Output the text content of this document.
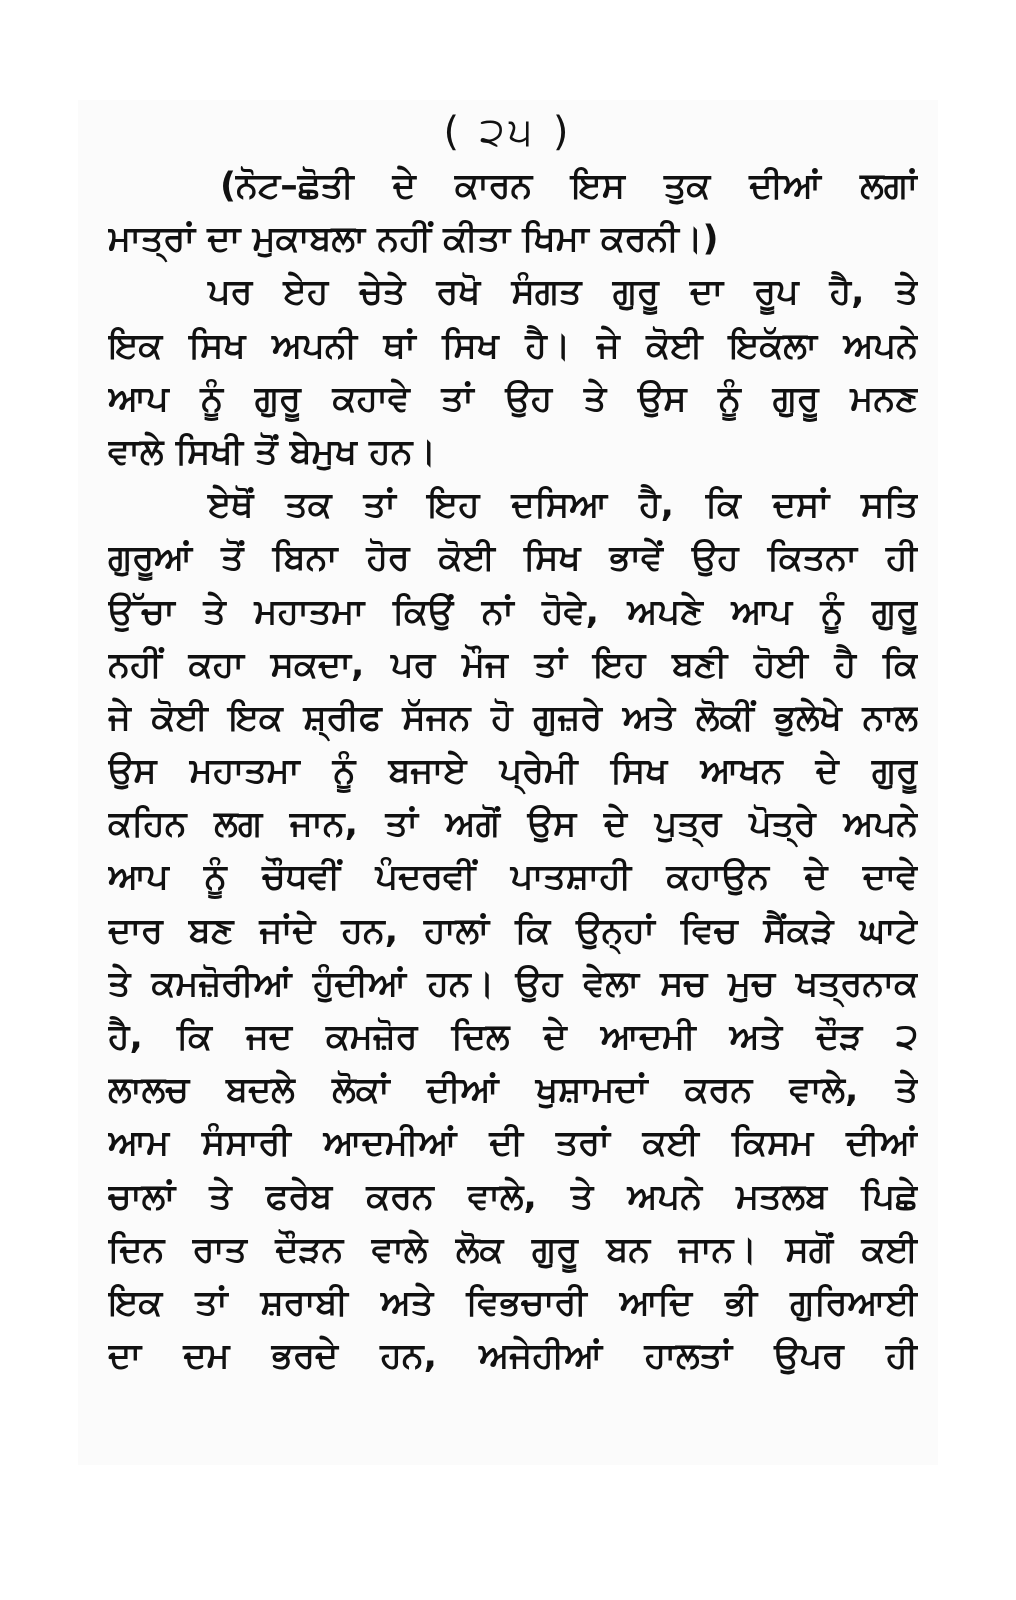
( ੨੫ )
(ਨੋਟ–ਛੋਤੀ ਦੇ ਕਾਰਨ ਇਸ ਤੁਕ ਦੀਆਂ ਲਗਾਂ
ਮਾਤ੍ਰਾਂ ਦਾ ਮੁਕਾਬਲਾ ਨਹੀਂ ਕੀਤਾ ਖਿਮਾ ਕਰਨੀ।)
ਪਰ ਏਹ ਚੇਤੇ ਰਖੋ ਸੰਗਤ ਗੁਰੂ ਦਾ ਰੂਪ ਹੈ, ਤੇ
ਇਕ ਸਿਖ ਅਪਨੀ ਥਾਂ ਸਿਖ ਹੈ। ਜੇ ਕੋਈ ਇਕੱਲਾ ਅਪਨੇ
ਆਪ ਨੂੰ ਗੁਰੂ ਕਹਾਵੇ ਤਾਂ ਉਹ ਤੇ ਉਸ ਨੂੰ ਗੁਰੂ ਮਨਣ
ਵਾਲੇ ਸਿਖੀ ਤੋਂ ਬੇਮੁਖ ਹਨ।
ਏਥੋਂ ਤਕ ਤਾਂ ਇਹ ਦਸਿਆ ਹੈ, ਕਿ ਦਸਾਂ ਸਤਿ
ਗੁਰੂਆਂ ਤੋਂ ਬਿਨਾ ਹੋਰ ਕੋਈ ਸਿਖ ਭਾਵੇਂ ਉਹ ਕਿਤਨਾ ਹੀ
ਉੱਚਾ ਤੇ ਮਹਾਤਮਾ ਕਿਉਂ ਨਾਂ ਹੋਵੇ, ਅਪਣੇ ਆਪ ਨੂੰ ਗੁਰੂ
ਨਹੀਂ ਕਹਾ ਸਕਦਾ, ਪਰ ਮੌਜ ਤਾਂ ਇਹ ਬਣੀ ਹੋਈ ਹੈ ਕਿ
ਜੇ ਕੋਈ ਇਕ ਸ਼੍ਰੀਫ ਸੱਜਨ ਹੋ ਗੁਜ਼ਰੇ ਅਤੇ ਲੋਕੀਂ ਭੁਲੇਖੇ ਨਾਲ
ਉਸ ਮਹਾਤਮਾ ਨੂੰ ਬਜਾਏ ਪ੍ਰੇਮੀ ਸਿਖ ਆਖਨ ਦੇ ਗੁਰੂ
ਕਹਿਨ ਲਗ ਜਾਨ, ਤਾਂ ਅਗੋਂ ਉਸ ਦੇ ਪੁਤ੍ਰ ਪੋਤ੍ਰੇ ਅਪਨੇ
ਆਪ ਨੂੰ ਚੌਧਵੀਂ ਪੰਦਰਵੀਂ ਪਾਤਸ਼ਾਹੀ ਕਹਾਉਨ ਦੇ ਦਾਵੇ
ਦਾਰ ਬਣ ਜਾਂਦੇ ਹਨ, ਹਾਲਾਂ ਕਿ ਉਨ੍ਹਾਂ ਵਿਚ ਸੈਂਕੜੇ ਘਾਟੇ
ਤੇ ਕਮਜ਼ੋਰੀਆਂ ਹੁੰਦੀਆਂ ਹਨ। ਉਹ ਵੇਲਾ ਸਚ ਮੁਚ ਖਤ੍ਰਨਾਕ
ਹੈ, ਕਿ ਜਦ ਕਮਜ਼ੋਰ ਦਿਲ ਦੇ ਆਦਮੀ ਅਤੇ ਦੌੜ ੨
ਲਾਲਚ ਬਦਲੇ ਲੋਕਾਂ ਦੀਆਂ ਖੁਸ਼ਾਮਦਾਂ ਕਰਨ ਵਾਲੇ, ਤੇ
ਆਮ ਸੰਸਾਰੀ ਆਦਮੀਆਂ ਦੀ ਤਰਾਂ ਕਈ ਕਿਸਮ ਦੀਆਂ
ਚਾਲਾਂ ਤੇ ਫਰੇਬ ਕਰਨ ਵਾਲੇ, ਤੇ ਅਪਨੇ ਮਤਲਬ ਪਿਛੇ
ਦਿਨ ਰਾਤ ਦੌੜਨ ਵਾਲੇ ਲੋਕ ਗੁਰੂ ਬਨ ਜਾਨ। ਸਗੋਂ ਕਈ
ਇਕ ਤਾਂ ਸ਼ਰਾਬੀ ਅਤੇ ਵਿਭਚਾਰੀ ਆਦਿ ਭੀ ਗੁਰਿਆਈ
ਦਾ ਦਮ ਭਰਦੇ ਹਨ, ਅਜੇਹੀਆਂ ਹਾਲਤਾਂ ਉਪਰ ਹੀ
